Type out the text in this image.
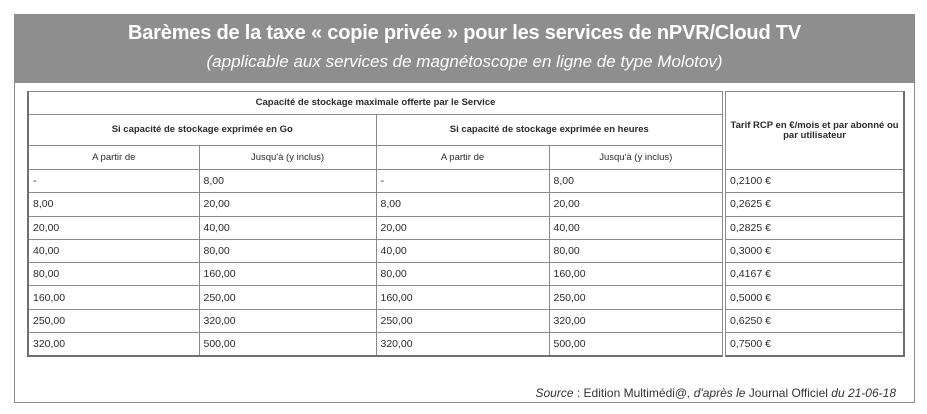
Barèmes de la taxe « copie privée » pour les services de nPVR/Cloud TV
(applicable aux services de magnétoscope en ligne de type Molotov)
Capacité de stockage maximale offerte par le Service				Tarif RCP en €/mois et par abonné ou par utilisateur
Si capacité de stockage exprimée en Go		Si capacité de stockage exprimée en heures		
A partir de	Jusqu'à (y inclus)	A partir de	Jusqu'à (y inclus)	
-	8,00	-	8,00	0,2100 €
8,00	20,00	8,00	20,00	0,2625 €
20,00	40,00	20,00	40,00	0,2825 €
40,00	80,00	40,00	80,00	0,3000 €
80,00	160,00	80,00	160,00	0,4167 €
160,00	250,00	160,00	250,00	0,5000 €
250,00	320,00	250,00	320,00	0,6250 €
320,00	500,00	320,00	500,00	0,7500 €
Source : Edition Multimédi@, d'après le Journal Officiel du 21-06-18
